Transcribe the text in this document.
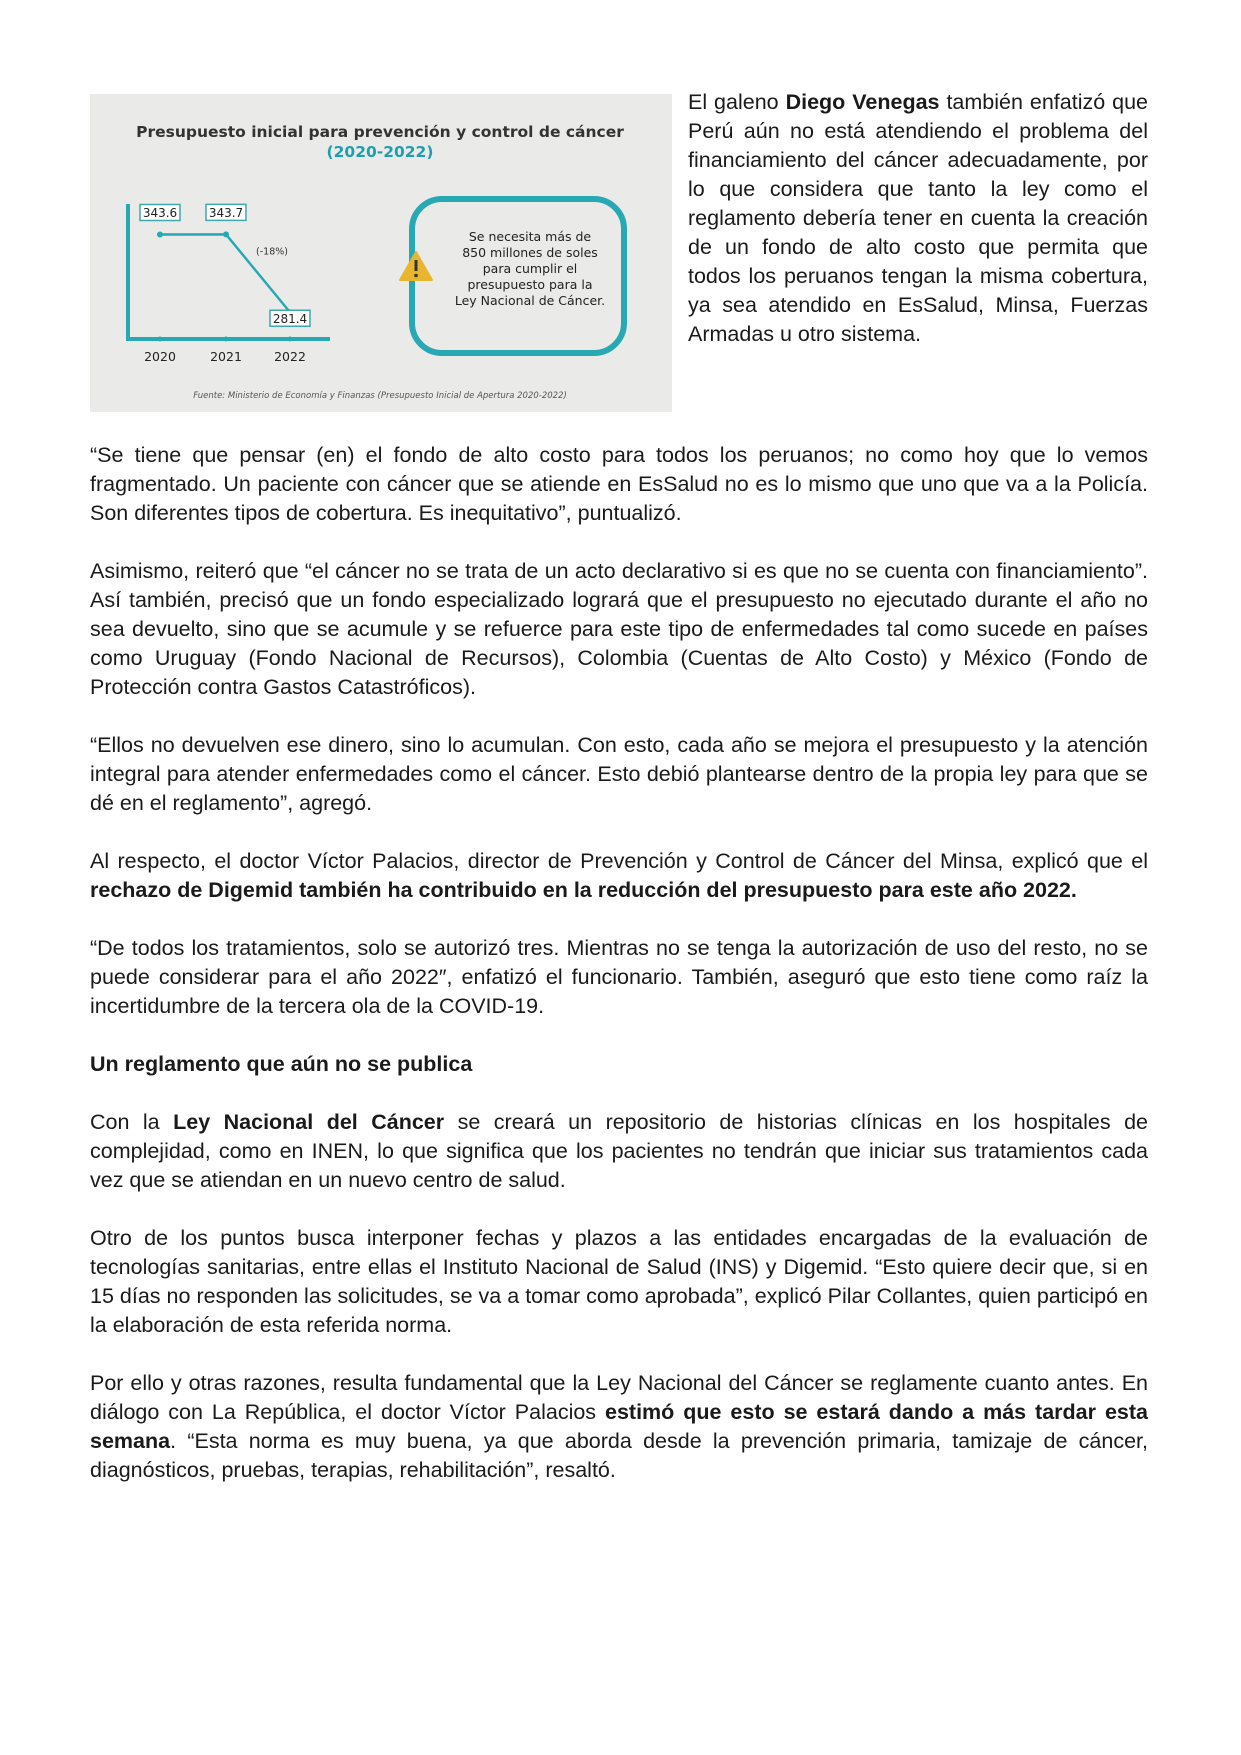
Presupuesto inicial para prevención y control de cáncer
(2020-2022)
343.6
2020
343.7
2021
281.4
2022
(-18%)
Se necesita más de
850 millones de soles
para cumplir el
presupuesto para la
Ley Nacional de Cáncer.
Fuente: Ministerio de Economía y Finanzas (Presupuesto Inicial de Apertura 2020-2022)

El galeno Diego Venegas también enfatizó que Perú aún no está atendiendo el problema del financiamiento del cáncer adecuadamente, por lo que considera que tanto la ley como el reglamento debería tener en cuenta la creación de un fondo de alto costo que permita que todos los peruanos tengan la misma cobertura, ya sea atendido en EsSalud, Minsa, Fuerzas Armadas u otro sistema.

“Se tiene que pensar (en) el fondo de alto costo para todos los peruanos; no como hoy que lo vemos fragmentado. Un paciente con cáncer que se atiende en EsSalud no es lo mismo que uno que va a la Policía. Son diferentes tipos de cobertura. Es inequitativo”, puntualizó.

Asimismo, reiteró que “el cáncer no se trata de un acto declarativo si es que no se cuenta con financiamiento”. Así también, precisó que un fondo especializado logrará que el presupuesto no ejecutado durante el año no sea devuelto, sino que se acumule y se refuerce para este tipo de enfermedades tal como sucede en países como Uruguay (Fondo Nacional de Recursos), Colombia (Cuentas de Alto Costo) y México (Fondo de Protección contra Gastos Catastróficos).

“Ellos no devuelven ese dinero, sino lo acumulan. Con esto, cada año se mejora el presupuesto y la atención integral para atender enfermedades como el cáncer. Esto debió plantearse dentro de la propia ley para que se dé en el reglamento”, agregó.

Al respecto, el doctor Víctor Palacios, director de Prevención y Control de Cáncer del Minsa, explicó que el rechazo de Digemid también ha contribuido en la reducción del presupuesto para este año 2022.

“De todos los tratamientos, solo se autorizó tres. Mientras no se tenga la autorización de uso del resto, no se puede considerar para el año 2022″, enfatizó el funcionario. También, aseguró que esto tiene como raíz la incertidumbre de la tercera ola de la COVID-19.

Un reglamento que aún no se publica

Con la Ley Nacional del Cáncer se creará un repositorio de historias clínicas en los hospitales de complejidad, como en INEN, lo que significa que los pacientes no tendrán que iniciar sus tratamientos cada vez que se atiendan en un nuevo centro de salud.

Otro de los puntos busca interponer fechas y plazos a las entidades encargadas de la evaluación de tecnologías sanitarias, entre ellas el Instituto Nacional de Salud (INS) y Digemid. “Esto quiere decir que, si en 15 días no responden las solicitudes, se va a tomar como aprobada”, explicó Pilar Collantes, quien participó en la elaboración de esta referida norma.

Por ello y otras razones, resulta fundamental que la Ley Nacional del Cáncer se reglamente cuanto antes. En diálogo con La República, el doctor Víctor Palacios estimó que esto se estará dando a más tardar esta semana. “Esta norma es muy buena, ya que aborda desde la prevención primaria, tamizaje de cáncer, diagnósticos, pruebas, terapias, rehabilitación”, resaltó.
